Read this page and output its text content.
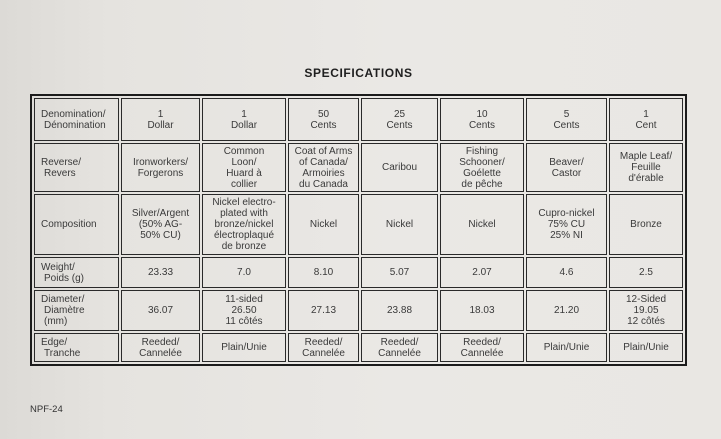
SPECIFICATIONS
Denomination/
Dénomination	1
Dollar	1
Dollar	50
Cents	25
Cents	10
Cents	5
Cents	1
Cent
Reverse/
Revers	Ironworkers/
Forgerons	Common
Loon/
Huard à
collier	Coat of Arms
of Canada/
Armoiries
du Canada	Caribou	Fishing
Schooner/
Goélette
de pêche	Beaver/
Castor	Maple Leaf/
Feuille
d'érable
Composition	Silver/Argent
(50% AG-
50% CU)	Nickel electro-
plated with
bronze/nickel
électroplaqué
de bronze	Nickel	Nickel	Nickel	Cupro-nickel
75% CU
25% NI	Bronze
Weight/
Poids (g)	23.33	7.0	8.10	5.07	2.07	4.6	2.5
Diameter/
Diamètre
(mm)	36.07	11-sided
26.50
11 côtés	27.13	23.88	18.03	21.20	12-Sided
19.05
12 côtés
Edge/
Tranche	Reeded/
Cannelée	Plain/Unie	Reeded/
Cannelée	Reeded/
Cannelée	Reeded/
Cannelée	Plain/Unie	Plain/Unie
NPF-24
